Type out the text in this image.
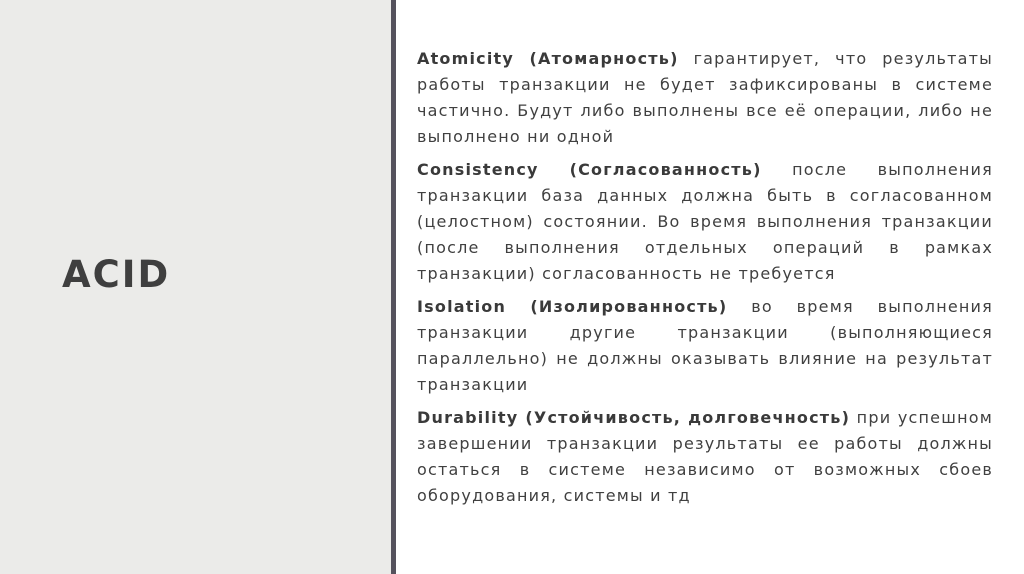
ACID

Atomicity (Атомарность) гарантирует, что результаты работы транзакции не будет зафиксированы в системе частично. Будут либо выполнены все её операции, либо не выполнено ни одной

Consistency (Согласованность) после выполнения транзакции база данных должна быть в согласованном (целостном) состоянии. Во время выполнения транзакции (после выполнения отдельных операций в рамках транзакции) согласованность не требуется

Isolation (Изолированность) во время выполнения транзакции другие транзакции (выполняющиеся параллельно) не должны оказывать влияние на результат транзакции

Durability (Устойчивость, долговечность) при успешном завершении транзакции результаты ее работы должны остаться в системе независимо от возможных сбоев оборудования, системы и тд
